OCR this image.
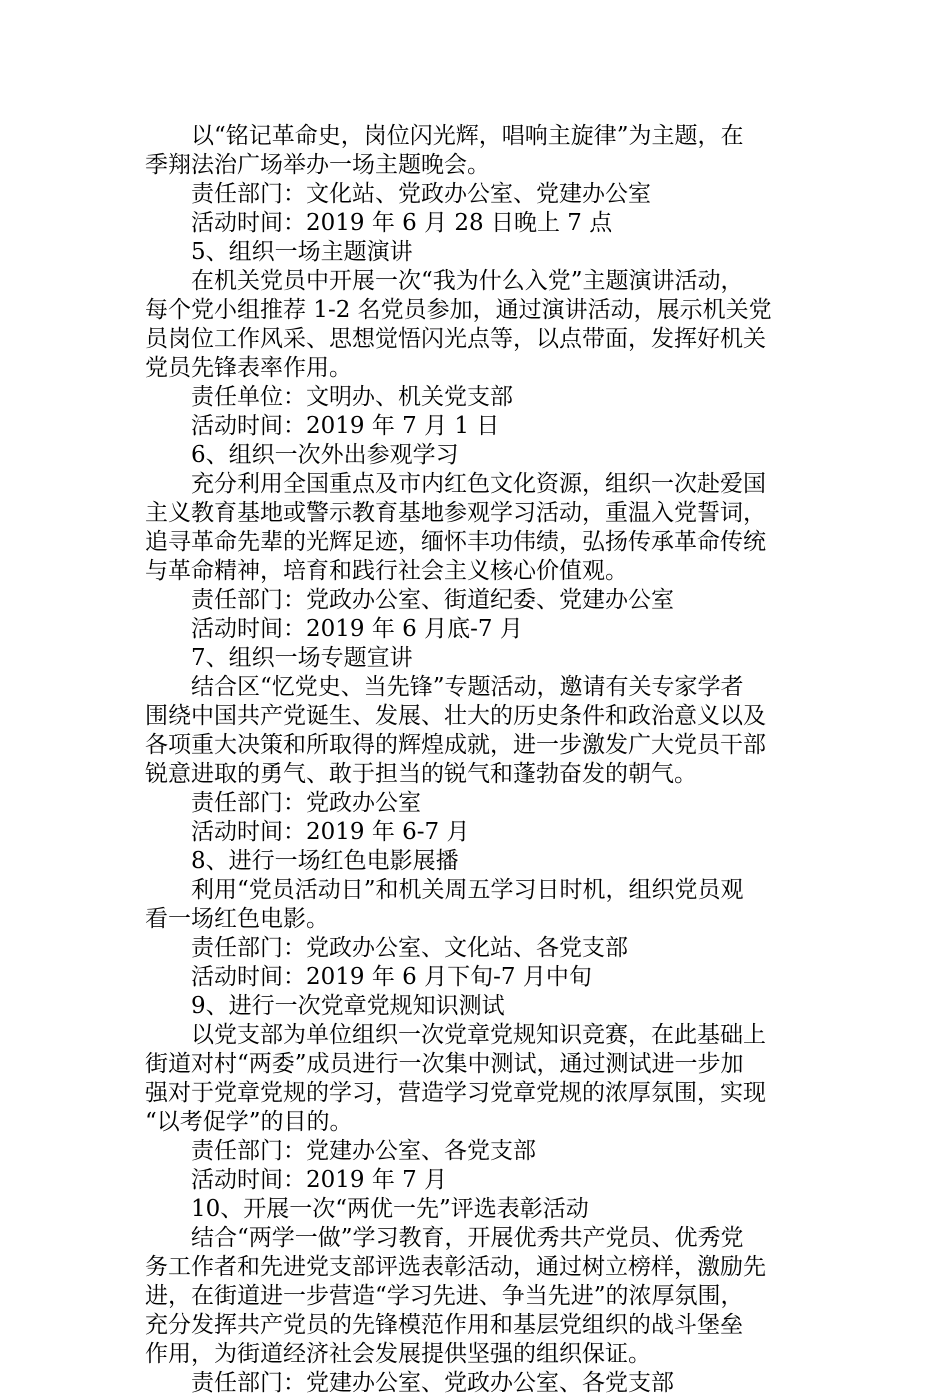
以“铭记革命史，岗位闪光辉，唱响主旋律”为主题，在
季翔法治广场举办一场主题晚会。
责任部门：文化站、党政办公室、党建办公室
活动时间：2019 年 6 月 28 日晚上 7 点
5、组织一场主题演讲
在机关党员中开展一次“我为什么入党”主题演讲活动，
每个党小组推荐 1-2 名党员参加，通过演讲活动，展示机关党
员岗位工作风采、思想觉悟闪光点等，以点带面，发挥好机关
党员先锋表率作用。
责任单位：文明办、机关党支部
活动时间：2019 年 7 月 1 日
6、组织一次外出参观学习
充分利用全国重点及市内红色文化资源，组织一次赴爱国
主义教育基地或警示教育基地参观学习活动，重温入党誓词，
追寻革命先辈的光辉足迹，缅怀丰功伟绩，弘扬传承革命传统
与革命精神，培育和践行社会主义核心价值观。
责任部门：党政办公室、街道纪委、党建办公室
活动时间：2019 年 6 月底-7 月
7、组织一场专题宣讲
结合区“忆党史、当先锋”专题活动，邀请有关专家学者
围绕中国共产党诞生、发展、壮大的历史条件和政治意义以及
各项重大决策和所取得的辉煌成就，进一步激发广大党员干部
锐意进取的勇气、敢于担当的锐气和蓬勃奋发的朝气。
责任部门：党政办公室
活动时间：2019 年 6-7 月
8、进行一场红色电影展播
利用“党员活动日”和机关周五学习日时机，组织党员观
看一场红色电影。
责任部门：党政办公室、文化站、各党支部
活动时间：2019 年 6 月下旬-7 月中旬
9、进行一次党章党规知识测试
以党支部为单位组织一次党章党规知识竞赛，在此基础上
街道对村“两委”成员进行一次集中测试，通过测试进一步加
强对于党章党规的学习，营造学习党章党规的浓厚氛围，实现
“以考促学”的目的。
责任部门：党建办公室、各党支部
活动时间：2019 年 7 月
10、开展一次“两优一先”评选表彰活动
结合“两学一做”学习教育，开展优秀共产党员、优秀党
务工作者和先进党支部评选表彰活动，通过树立榜样，激励先
进，在街道进一步营造“学习先进、争当先进”的浓厚氛围，
充分发挥共产党员的先锋模范作用和基层党组织的战斗堡垒
作用，为街道经济社会发展提供坚强的组织保证。
责任部门：党建办公室、党政办公室、各党支部
